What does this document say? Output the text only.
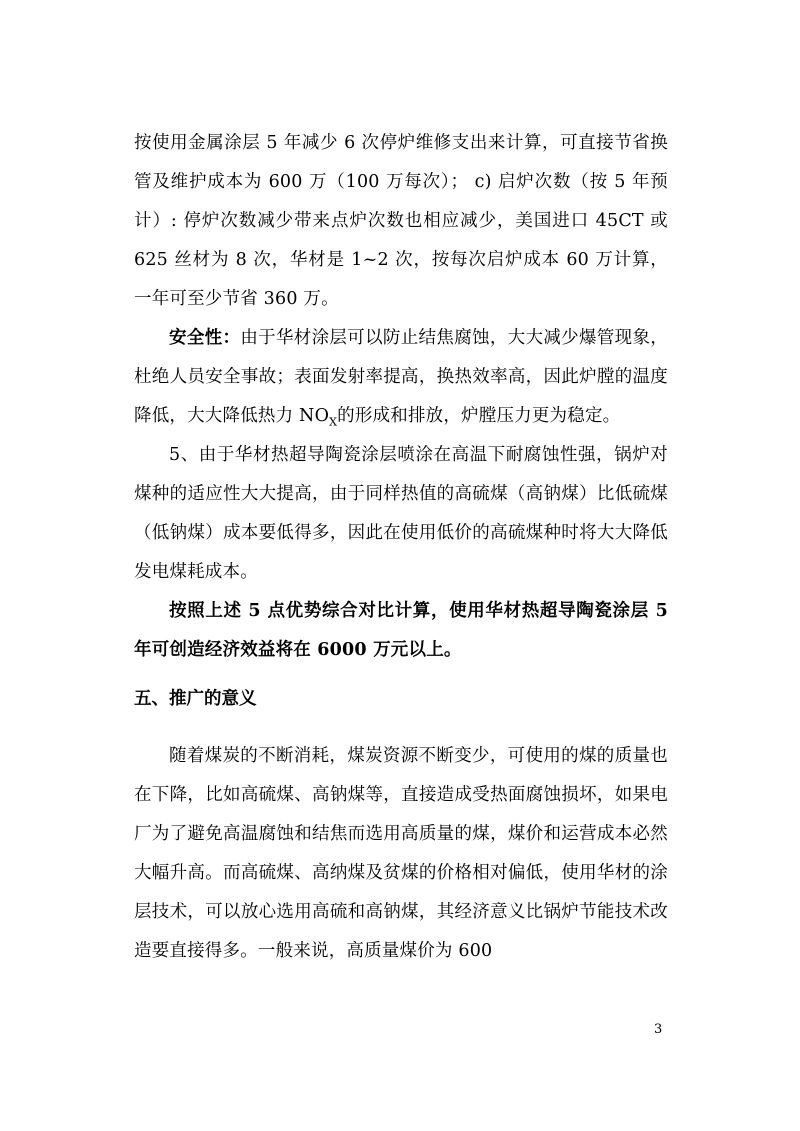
按使用金属涂层 5 年减少 6 次停炉维修支出来计算，可直接节省换管及维护成本为 600 万（100 万每次）； c) 启炉次数（按 5 年预计）: 停炉次数减少带来点炉次数也相应减少，美国进口 45CT 或 625 丝材为 8 次，华材是 1~2 次，按每次启炉成本 60 万计算，一年可至少节省 360 万。

安全性：由于华材涂层可以防止结焦腐蚀，大大减少爆管现象，杜绝人员安全事故；表面发射率提高，换热效率高，因此炉膛的温度降低，大大降低热力 $NO_X$的形成和排放，炉膛压力更为稳定。

5、由于华材热超导陶瓷涂层喷涂在高温下耐腐蚀性强，锅炉对煤种的适应性大大提高，由于同样热值的高硫煤（高钠煤）比低硫煤（低钠煤）成本要低得多，因此在使用低价的高硫煤种时将大大降低发电煤耗成本。

按照上述 5 点优势综合对比计算，使用华材热超导陶瓷涂层 5 年可创造经济效益将在 6000 万元以上。

五、推广的意义

随着煤炭的不断消耗，煤炭资源不断变少，可使用的煤的质量也在下降，比如高硫煤、高钠煤等，直接造成受热面腐蚀损坏，如果电厂为了避免高温腐蚀和结焦而选用高质量的煤，煤价和运营成本必然大幅升高。而高硫煤、高纳煤及贫煤的价格相对偏低，使用华材的涂层技术，可以放心选用高硫和高钠煤，其经济意义比锅炉节能技术改造要直接得多。一般来说，高质量煤价为 600

3
